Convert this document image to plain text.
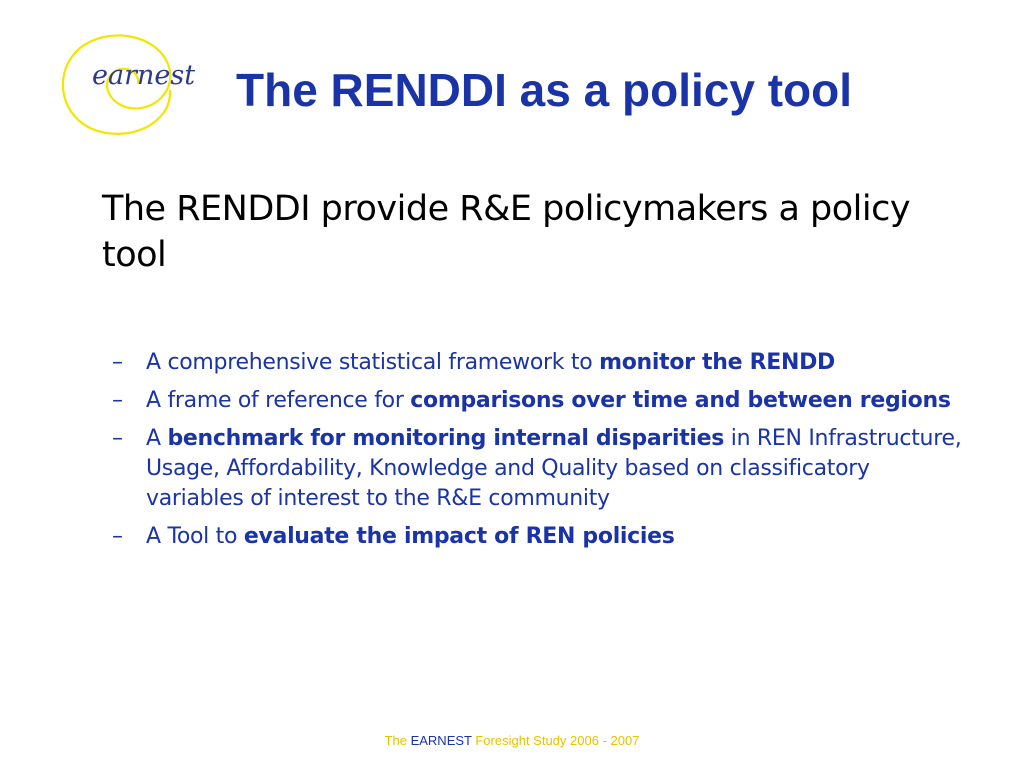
earnest The RENDDI as a policy tool

The RENDDI provide R&E policymakers a policy tool

– A comprehensive statistical framework to monitor the RENDD
– A frame of reference for comparisons over time and between regions
– A benchmark for monitoring internal disparities in REN Infrastructure, Usage, Affordability, Knowledge and Quality based on classificatory variables of interest to the R&E community
– A Tool to evaluate the impact of REN policies
The EARNEST Foresight Study 2006 - 2007
